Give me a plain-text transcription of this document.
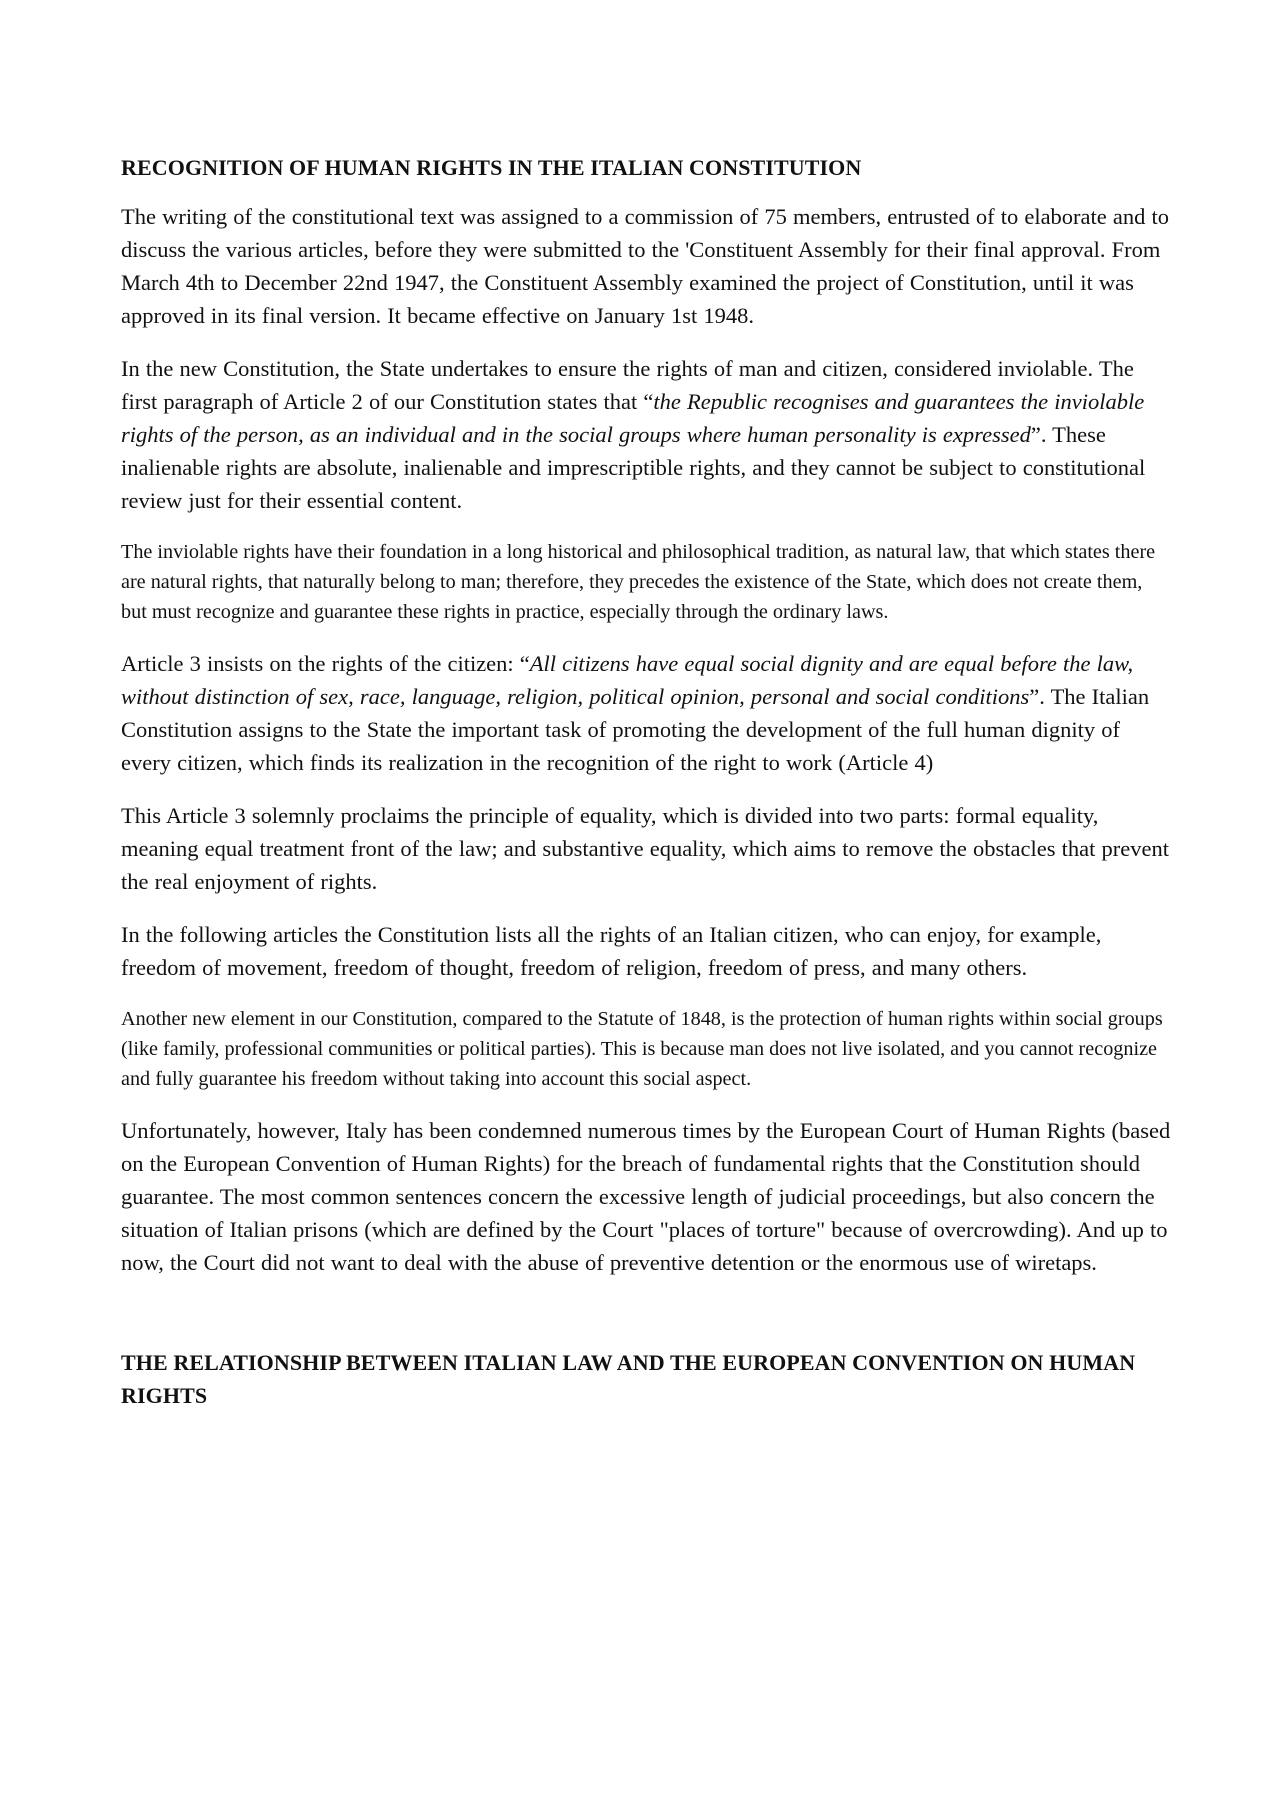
RECOGNITION OF HUMAN RIGHTS IN THE ITALIAN CONSTITUTION

The writing of the constitutional text was assigned to a commission of 75 members, entrusted of to elaborate and to discuss the various articles, before they were submitted to the 'Constituent Assembly for their final approval. From March 4th to December 22nd 1947, the Constituent Assembly examined the project of Constitution, until it was approved in its final version. It became effective on January 1st 1948.

In the new Constitution, the State undertakes to ensure the rights of man and citizen, considered inviolable. The first paragraph of Article 2 of our Constitution states that “the Republic recognises and guarantees the inviolable rights of the person, as an individual and in the social groups where human personality is expressed”. These inalienable rights are absolute, inalienable and imprescriptible rights, and they cannot be subject to constitutional review just for their essential content.

The inviolable rights have their foundation in a long historical and philosophical tradition, as natural law, that which states there are natural rights, that naturally belong to man; therefore, they precedes the existence of the State, which does not create them, but must recognize and guarantee these rights in practice, especially through the ordinary laws.

Article 3 insists on the rights of the citizen: “All citizens have equal social dignity and are equal before the law, without distinction of sex, race, language, religion, political opinion, personal and social conditions”. The Italian Constitution assigns to the State the important task of promoting the development of the full human dignity of every citizen, which finds its realization in the recognition of the right to work (Article 4)

This Article 3 solemnly proclaims the principle of equality, which is divided into two parts: formal equality, meaning equal treatment front of the law; and substantive equality, which aims to remove the obstacles that prevent the real enjoyment of rights.

In the following articles the Constitution lists all the rights of an Italian citizen, who can enjoy, for example, freedom of movement, freedom of thought, freedom of religion, freedom of press, and many others.

Another new element in our Constitution, compared to the Statute of 1848, is the protection of human rights within social groups (like family, professional communities or political parties). This is because man does not live isolated, and you cannot recognize and fully guarantee his freedom without taking into account this social aspect.

Unfortunately, however, Italy has been condemned numerous times by the European Court of Human Rights (based on the European Convention of Human Rights) for the breach of fundamental rights that the Constitution should guarantee. The most common sentences concern the excessive length of judicial proceedings, but also concern the situation of Italian prisons (which are defined by the Court "places of torture" because of overcrowding). And up to now, the Court did not want to deal with the abuse of preventive detention or the enormous use of wiretaps.

THE RELATIONSHIP BETWEEN ITALIAN LAW AND THE EUROPEAN CONVENTION ON HUMAN RIGHTS
